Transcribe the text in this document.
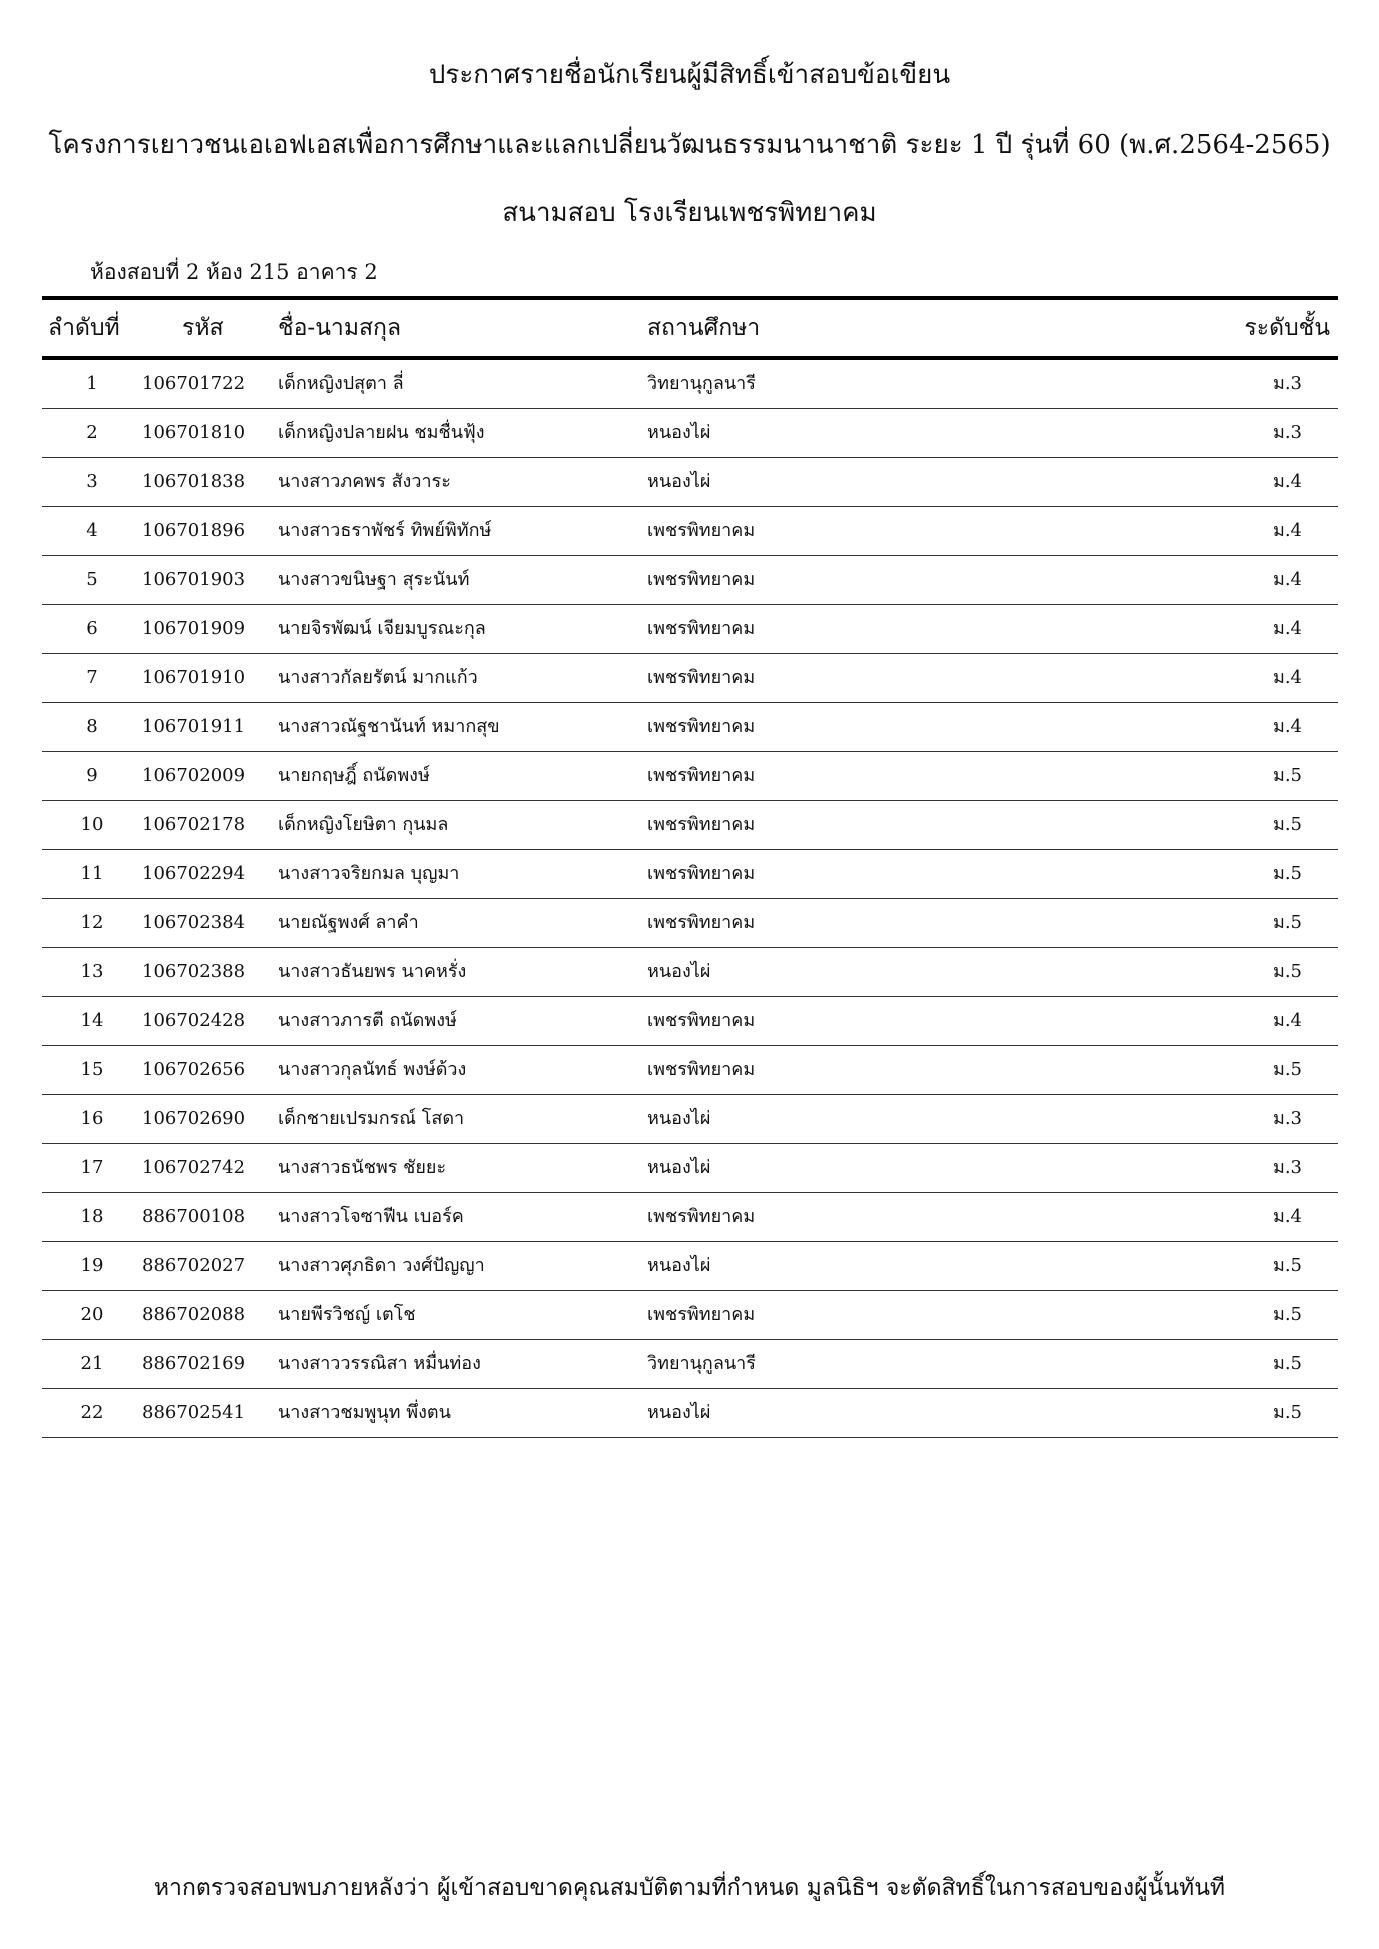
ประกาศรายชื่อนักเรียนผู้มีสิทธิ์เข้าสอบข้อเขียน
โครงการเยาวชนเอเอฟเอสเพื่อการศึกษาและแลกเปลี่ยนวัฒนธรรมนานาชาติ ระยะ 1 ปี รุ่นที่ 60 (พ.ศ.2564-2565)
สนามสอบ โรงเรียนเพชรพิทยาคม
ห้องสอบที่ 2 ห้อง 215 อาคาร 2
ลำดับที่	รหัส	ชื่อ-นามสกุล	สถานศึกษา	ระดับชั้น
1	106701722	เด็กหญิงปสุตา ลี่	วิทยานุกูลนารี	ม.3
2	106701810	เด็กหญิงปลายฝน ชมชื่นฟุ้ง	หนองไผ่	ม.3
3	106701838	นางสาวภคพร สังวาระ	หนองไผ่	ม.4
4	106701896	นางสาวธราพัชร์ ทิพย์พิทักษ์	เพชรพิทยาคม	ม.4
5	106701903	นางสาวขนิษฐา สุระนันท์	เพชรพิทยาคม	ม.4
6	106701909	นายจิรพัฒน์ เจียมบูรณะกุล	เพชรพิทยาคม	ม.4
7	106701910	นางสาวกัลยรัตน์ มากแก้ว	เพชรพิทยาคม	ม.4
8	106701911	นางสาวณัฐชานันท์ หมากสุข	เพชรพิทยาคม	ม.4
9	106702009	นายกฤษฎิ์ ถนัดพงษ์	เพชรพิทยาคม	ม.5
10	106702178	เด็กหญิงโยษิตา กุนมล	เพชรพิทยาคม	ม.5
11	106702294	นางสาวจริยกมล บุญมา	เพชรพิทยาคม	ม.5
12	106702384	นายณัฐพงศ์ ลาคำ	เพชรพิทยาคม	ม.5
13	106702388	นางสาวธันยพร นาคหรั่ง	หนองไผ่	ม.5
14	106702428	นางสาวภารตี ถนัดพงษ์	เพชรพิทยาคม	ม.4
15	106702656	นางสาวกุลนัทธ์ พงษ์ด้วง	เพชรพิทยาคม	ม.5
16	106702690	เด็กชายเปรมกรณ์ โสดา	หนองไผ่	ม.3
17	106702742	นางสาวธนัชพร ชัยยะ	หนองไผ่	ม.3
18	886700108	นางสาวโจซาฟีน เบอร์ค	เพชรพิทยาคม	ม.4
19	886702027	นางสาวศุภธิดา วงศ์ปัญญา	หนองไผ่	ม.5
20	886702088	นายพีรวิชญ์ เตโช	เพชรพิทยาคม	ม.5
21	886702169	นางสาววรรณิสา หมื่นท่อง	วิทยานุกูลนารี	ม.5
22	886702541	นางสาวชมพูนุท พึ่งตน	หนองไผ่	ม.5
หากตรวจสอบพบภายหลังว่า ผู้เข้าสอบขาดคุณสมบัติตามที่กำหนด มูลนิธิฯ จะตัดสิทธิ์ในการสอบของผู้นั้นทันที
